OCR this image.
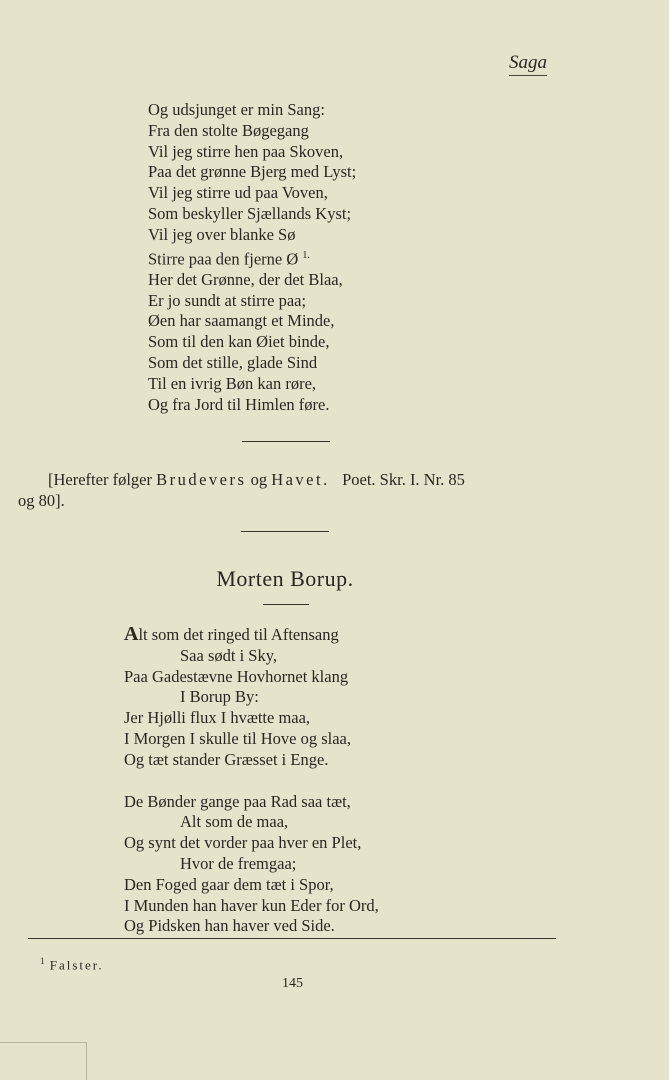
Saga
Og udsjunget er min Sang:
Fra den stolte Bøgegang
Vil jeg stirre hen paa Skoven,
Paa det grønne Bjerg med Lyst;
Vil jeg stirre ud paa Voven,
Som beskyller Sjællands Kyst;
Vil jeg over blanke Sø
Stirre paa den fjerne Ø $^{1.}$
Her det Grønne, der det Blaa,
Er jo sundt at stirre paa;
Øen har saamangt et Minde,
Som til den kan Øiet binde,
Som det stille, glade Sind
Til en ivrig Bøn kan røre,
Og fra Jord til Himlen føre.
[Herefter følger Brudevers og Havet. Poet. Skr. I. Nr. 85
og 80].
Morten Borup.
Alt som det ringed til Aftensang
Saa sødt i Sky,
Paa Gadestævne Hovhornet klang
I Borup By:
Jer Hjølli flux I hvætte maa,
I Morgen I skulle til Hove og slaa,
Og tæt stander Græsset i Enge.
De Bønder gange paa Rad saa tæt,
Alt som de maa,
Og synt det vorder paa hver en Plet,
Hvor de fremgaa;
Den Foged gaar dem tæt i Spor,
I Munden han haver kun Eder for Ord,
Og Pidsken han haver ved Side.
$^1$ Falster.
145
